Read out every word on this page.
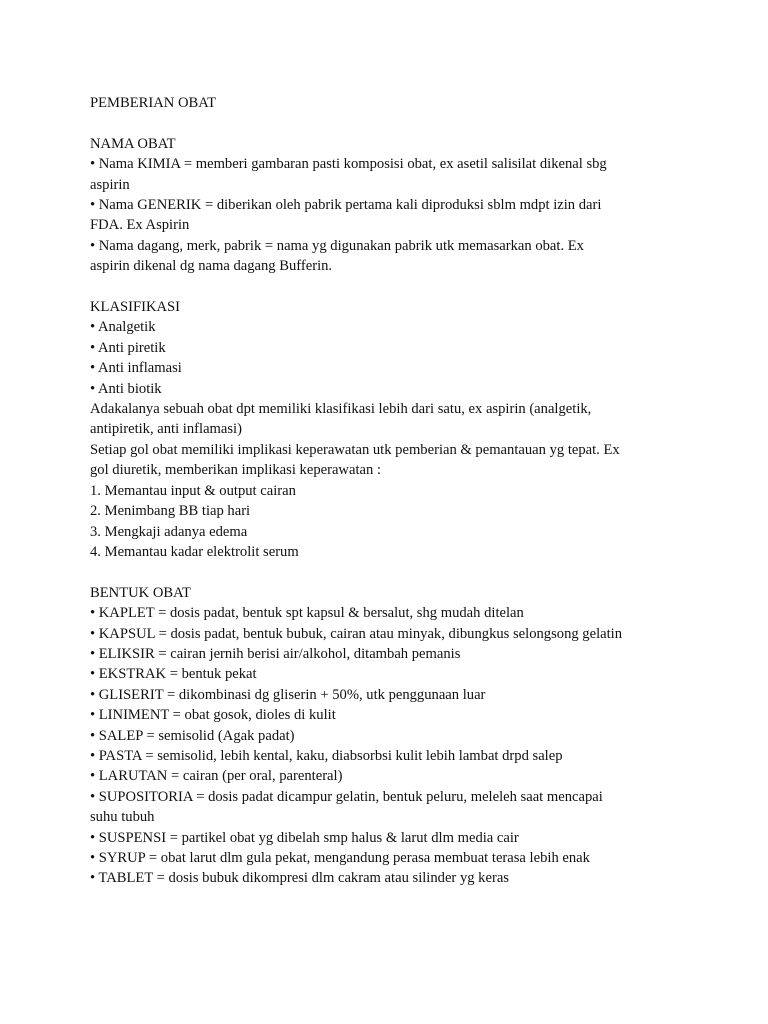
PEMBERIAN OBAT

NAMA OBAT

• Nama KIMIA = memberi gambaran pasti komposisi obat, ex asetil salisilat dikenal sbg

aspirin

• Nama GENERIK = diberikan oleh pabrik pertama kali diproduksi sblm mdpt izin dari

FDA. Ex Aspirin

• Nama dagang, merk, pabrik = nama yg digunakan pabrik utk memasarkan obat. Ex

aspirin dikenal dg nama dagang Bufferin.

KLASIFIKASI

• Analgetik

• Anti piretik

• Anti inflamasi

• Anti biotik

Adakalanya sebuah obat dpt memiliki klasifikasi lebih dari satu, ex aspirin (analgetik,

antipiretik, anti inflamasi)

Setiap gol obat memiliki implikasi keperawatan utk pemberian & pemantauan yg tepat. Ex

gol diuretik, memberikan implikasi keperawatan :

1. Memantau input & output cairan

2. Menimbang BB tiap hari

3. Mengkaji adanya edema

4. Memantau kadar elektrolit serum

BENTUK OBAT

• KAPLET = dosis padat, bentuk spt kapsul & bersalut, shg mudah ditelan

• KAPSUL = dosis padat, bentuk bubuk, cairan atau minyak, dibungkus selongsong gelatin

• ELIKSIR = cairan jernih berisi air/alkohol, ditambah pemanis

• EKSTRAK = bentuk pekat

• GLISERIT = dikombinasi dg gliserin + 50%, utk penggunaan luar

• LINIMENT = obat gosok, dioles di kulit

• SALEP = semisolid (Agak padat)

• PASTA = semisolid, lebih kental, kaku, diabsorbsi kulit lebih lambat drpd salep

• LARUTAN = cairan (per oral, parenteral)

• SUPOSITORIA = dosis padat dicampur gelatin, bentuk peluru, meleleh saat mencapai

suhu tubuh

• SUSPENSI = partikel obat yg dibelah smp halus & larut dlm media cair

• SYRUP = obat larut dlm gula pekat, mengandung perasa membuat terasa lebih enak

• TABLET = dosis bubuk dikompresi dlm cakram atau silinder yg keras
